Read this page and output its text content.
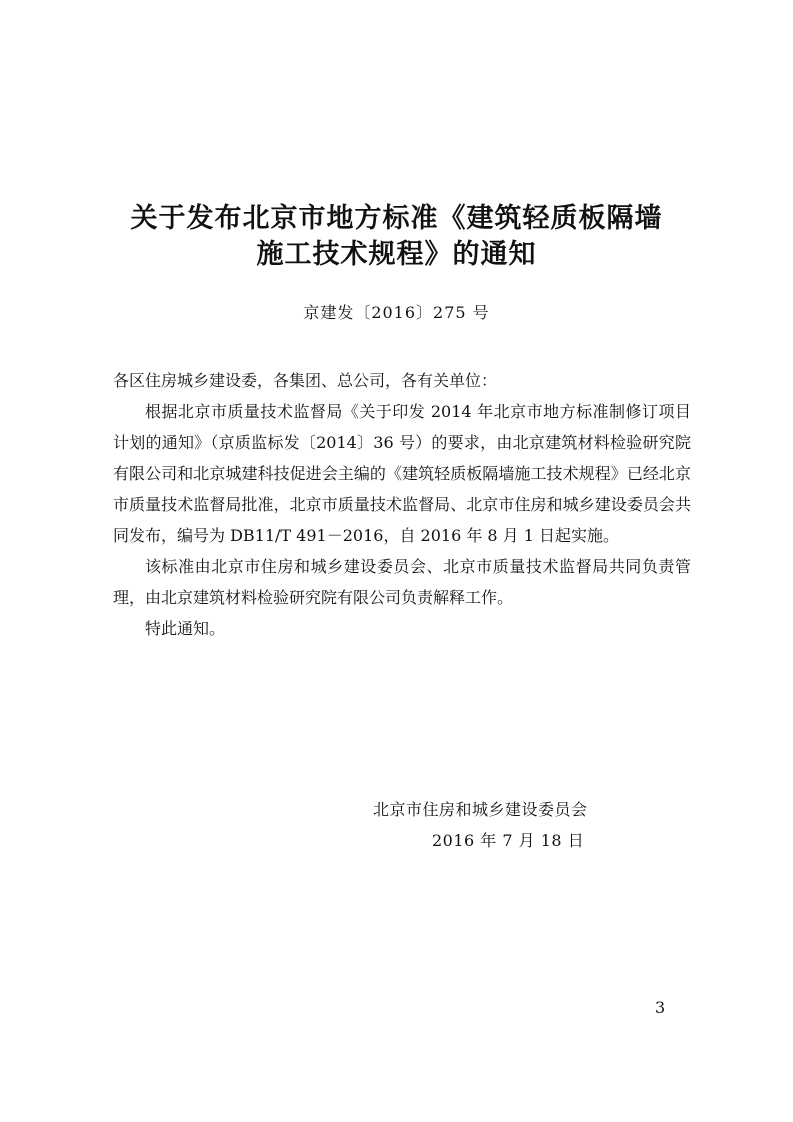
关于发布北京市地方标准《建筑轻质板隔墙
施工技术规程》的通知
京建发〔2016〕275 号

各区住房城乡建设委，各集团、总公司，各有关单位：

根据北京市质量技术监督局《关于印发 2014 年北京市地方标准制修订项目计划的通知》（京质监标发〔2014〕36 号）的要求，由北京建筑材料检验研究院有限公司和北京城建科技促进会主编的《建筑轻质板隔墙施工技术规程》已经北京市质量技术监督局批准，北京市质量技术监督局、北京市住房和城乡建设委员会共同发布，编号为 DB11/T 491－2016，自 2016 年 8 月 1 日起实施。

该标准由北京市住房和城乡建设委员会、北京市质量技术监督局共同负责管理，由北京建筑材料检验研究院有限公司负责解释工作。

特此通知。

北京市住房和城乡建设委员会
2016 年 7 月 18 日
3
